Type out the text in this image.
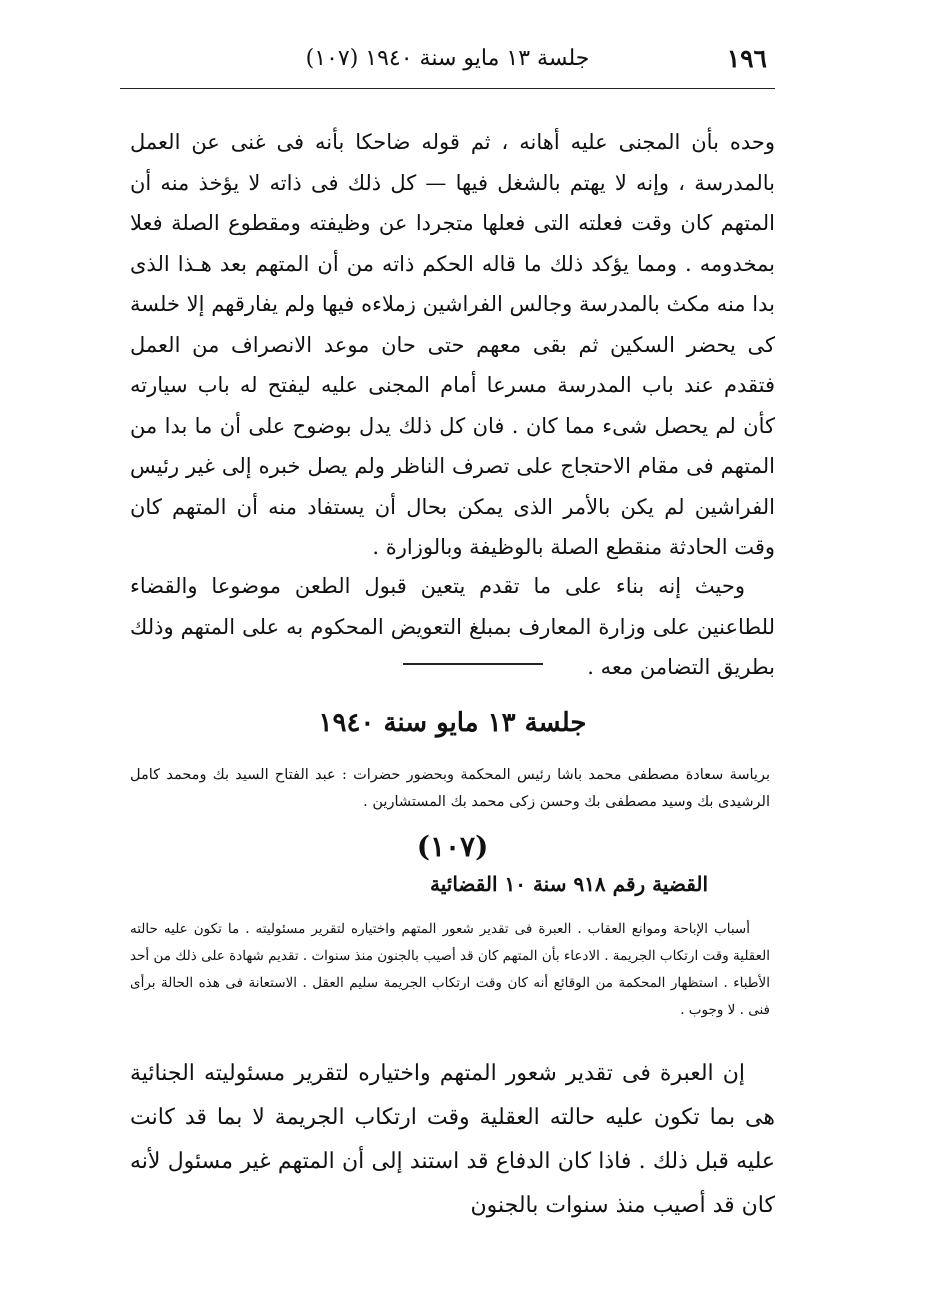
١٩٦
جلسة ١٣ مايو سنة ١٩٤٠ (١٠٧)

وحده بأن المجنى عليه أهانه ، ثم قوله ضاحكا بأنه فى غنى عن العمل بالمدرسة ، وإنه لا يهتم بالشغل فيها — كل ذلك فى ذاته لا يؤخذ منه أن المتهم كان وقت فعلته التى فعلها متجردا عن وظيفته ومقطوع الصلة فعلا بمخدومه . ومما يؤكد ذلك ما قاله الحكم ذاته من أن المتهم بعد هـذا الذى بدا منه مكث بالمدرسة وجالس الفراشين زملاءه فيها ولم يفارقهم إلا خلسة كى يحضر السكين ثم بقى معهم حتى حان موعد الانصراف من العمل فتقدم عند باب المدرسة مسرعا أمام المجنى عليه ليفتح له باب سيارته كأن لم يحصل شىء مما كان . فان كل ذلك يدل بوضوح على أن ما بدا من المتهم فى مقام الاحتجاج على تصرف الناظر ولم يصل خبره إلى غير رئيس الفراشين لم يكن بالأمر الذى يمكن بحال أن يستفاد منه أن المتهم كان وقت الحادثة منقطع الصلة بالوظيفة وبالوزارة .

وحيث إنه بناء على ما تقدم يتعين قبول الطعن موضوعا والقضاء للطاعنين على وزارة المعارف بمبلغ التعويض المحكوم به على المتهم وذلك بطريق التضامن معه .

جلسة ١٣ مايو سنة ١٩٤٠

برياسة سعادة مصطفى محمد باشا رئيس المحكمة وبحضور حضرات : عبد الفتاح السيد بك ومحمد كامل الرشيدى بك وسيد مصطفى بك وحسن زكى محمد بك المستشارين .

(١٠٧)
القضية رقم ٩١٨ سنة ١٠ القضائية

أسباب الإباحة وموانع العقاب . العبرة فى تقدير شعور المتهم واختياره لتقرير مسئوليته . ما تكون عليه حالته العقلية وقت ارتكاب الجريمة . الادعاء بأن المتهم كان قد أصيب بالجنون منذ سنوات . تقديم شهادة على ذلك من أحد الأطباء . استظهار المحكمة من الوقائع أنه كان وقت ارتكاب الجريمة سليم العقل . الاستعانة فى هذه الحالة برأى فنى . لا وجوب .

إن العبرة فى تقدير شعور المتهم واختياره لتقرير مسئوليته الجنائية هى بما تكون عليه حالته العقلية وقت ارتكاب الجريمة لا بما قد كانت عليه قبل ذلك . فاذا كان الدفاع قد استند إلى أن المتهم غير مسئول لأنه كان قد أصيب منذ سنوات بالجنون
